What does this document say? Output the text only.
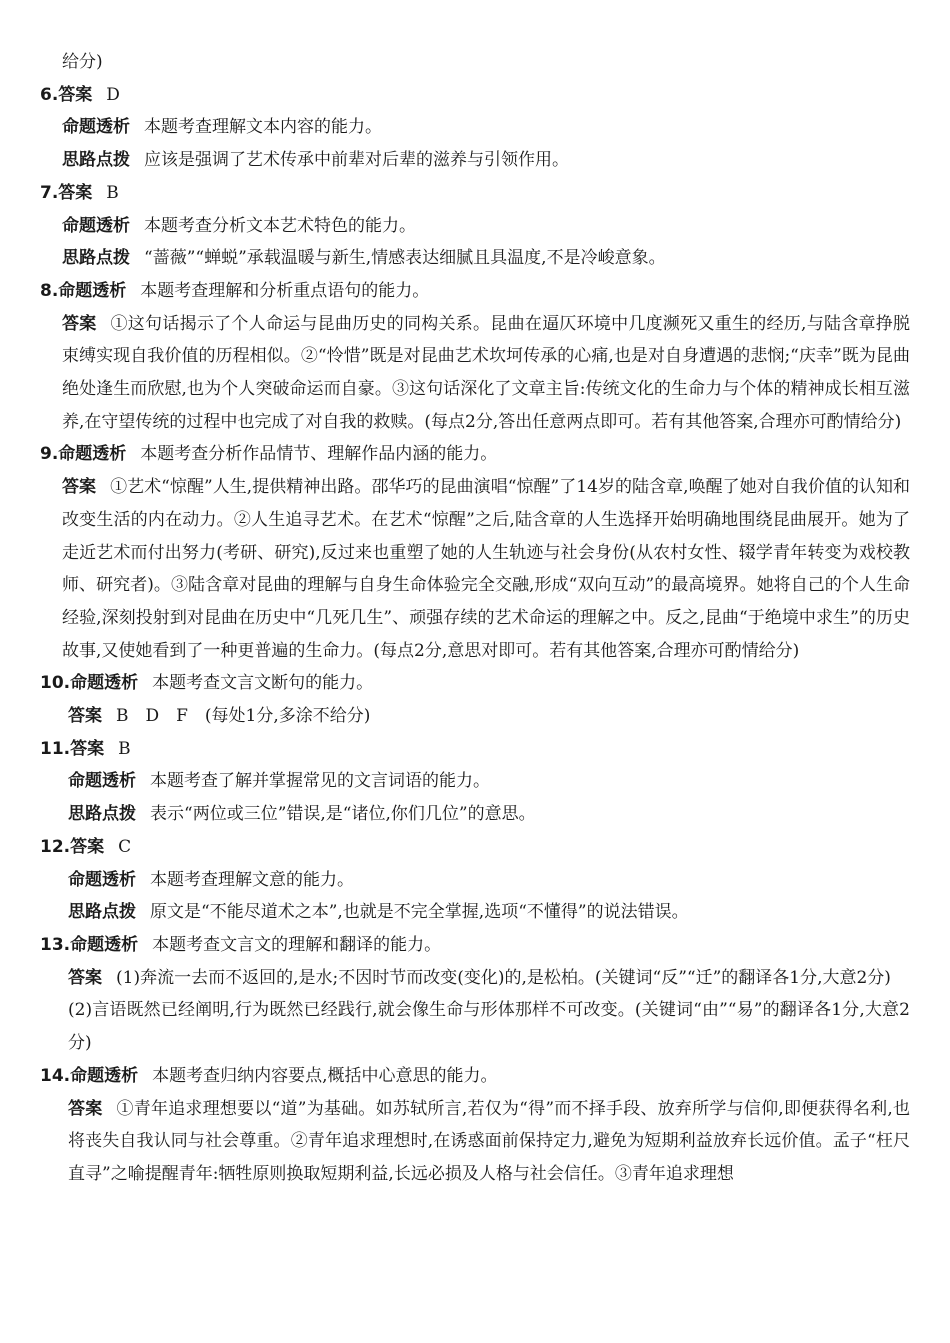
给分)
6.答案 D
命题透析 本题考查理解文本内容的能力。
思路点拨 应该是强调了艺术传承中前辈对后辈的滋养与引领作用。
7.答案 B
命题透析 本题考查分析文本艺术特色的能力。
思路点拨 “蔷薇”“蝉蜕”承载温暖与新生,情感表达细腻且具温度,不是冷峻意象。
8.命题透析 本题考查理解和分析重点语句的能力。
答案 ①这句话揭示了个人命运与昆曲历史的同构关系。昆曲在逼仄环境中几度濒死又重生的经历,与陆含章挣脱束缚实现自我价值的历程相似。②“怜惜”既是对昆曲艺术坎坷传承的心痛,也是对自身遭遇的悲悯;“庆幸”既为昆曲绝处逢生而欣慰,也为个人突破命运而自豪。③这句话深化了文章主旨:传统文化的生命力与个体的精神成长相互滋养,在守望传统的过程中也完成了对自我的救赎。(每点2分,答出任意两点即可。若有其他答案,合理亦可酌情给分)
9.命题透析 本题考查分析作品情节、理解作品内涵的能力。
答案 ①艺术“惊醒”人生,提供精神出路。邵华巧的昆曲演唱“惊醒”了14岁的陆含章,唤醒了她对自我价值的认知和改变生活的内在动力。②人生追寻艺术。在艺术“惊醒”之后,陆含章的人生选择开始明确地围绕昆曲展开。她为了走近艺术而付出努力(考研、研究),反过来也重塑了她的人生轨迹与社会身份(从农村女性、辍学青年转变为戏校教师、研究者)。③陆含章对昆曲的理解与自身生命体验完全交融,形成“双向互动”的最高境界。她将自己的个人生命经验,深刻投射到对昆曲在历史中“几死几生”、顽强存续的艺术命运的理解之中。反之,昆曲“于绝境中求生”的历史故事,又使她看到了一种更普遍的生命力。(每点2分,意思对即可。若有其他答案,合理亦可酌情给分)
10.命题透析 本题考查文言文断句的能力。
答案 B　D　F　(每处1分,多涂不给分)
11.答案 B
命题透析 本题考查了解并掌握常见的文言词语的能力。
思路点拨 表示“两位或三位”错误,是“诸位,你们几位”的意思。
12.答案 C
命题透析 本题考查理解文意的能力。
思路点拨 原文是“不能尽道术之本”,也就是不完全掌握,选项“不懂得”的说法错误。
13.命题透析 本题考查文言文的理解和翻译的能力。
答案 (1)奔流一去而不返回的,是水;不因时节而改变(变化)的,是松柏。(关键词“反”“迁”的翻译各1分,大意2分)
(2)言语既然已经阐明,行为既然已经践行,就会像生命与形体那样不可改变。(关键词“由”“易”的翻译各1分,大意2分)
14.命题透析 本题考查归纳内容要点,概括中心意思的能力。
答案 ①青年追求理想要以“道”为基础。如苏轼所言,若仅为“得”而不择手段、放弃所学与信仰,即便获得名利,也将丧失自我认同与社会尊重。②青年追求理想时,在诱惑面前保持定力,避免为短期利益放弃长远价值。孟子“枉尺直寻”之喻提醒青年:牺牲原则换取短期利益,长远必损及人格与社会信任。③青年追求理想
